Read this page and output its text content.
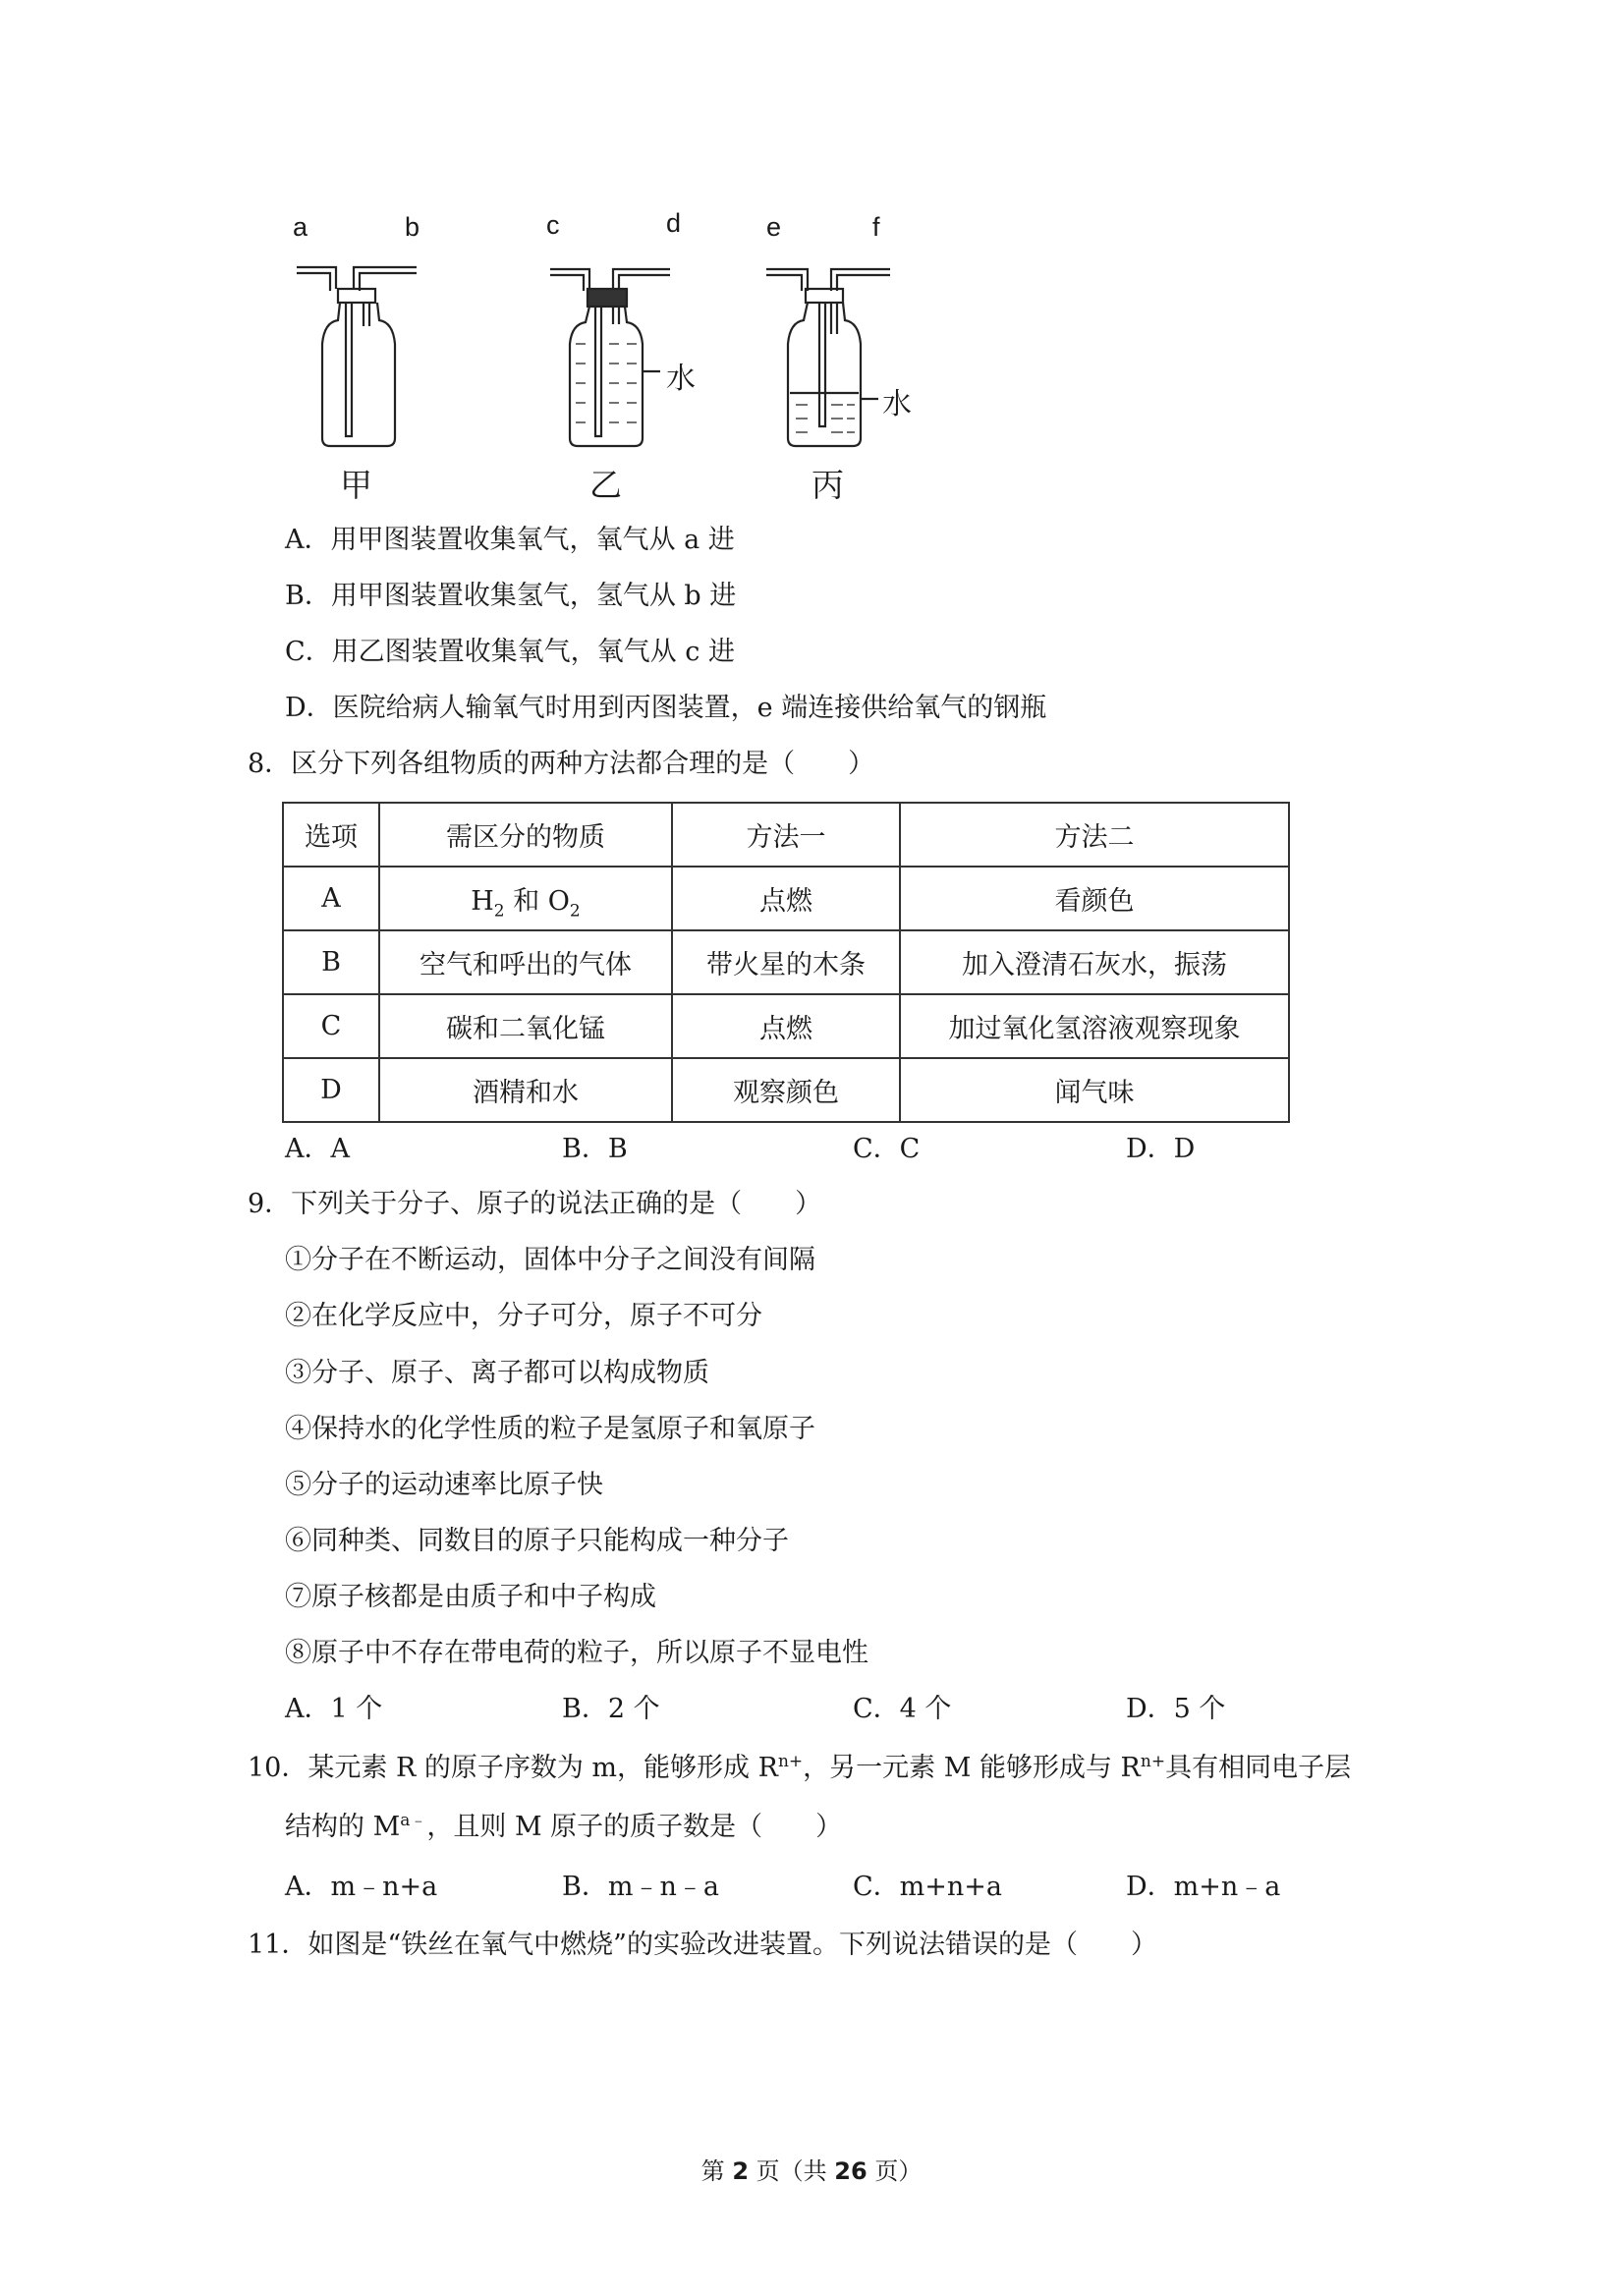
a	b	c	d	e	f
水
水
甲	乙	丙
A．用甲图装置收集氧气，氧气从 a 进
B．用甲图装置收集氢气，氢气从 b 进
C．用乙图装置收集氧气，氧气从 c 进
D．医院给病人输氧气时用到丙图装置，e 端连接供给氧气的钢瓶
8．区分下列各组物质的两种方法都合理的是（　　）
选项	需区分的物质	方法一	方法二
A	$H_2$ 和 $O_2$	点燃	看颜色
B	空气和呼出的气体	带火星的木条	加入澄清石灰水，振荡
C	碳和二氧化锰	点燃	加过氧化氢溶液观察现象
D	酒精和水	观察颜色	闻气味
A．A	B．B	C．C	D．D
9．下列关于分子、原子的说法正确的是（　　）
①分子在不断运动，固体中分子之间没有间隔
②在化学反应中，分子可分，原子不可分
③分子、原子、离子都可以构成物质
④保持水的化学性质的粒子是氢原子和氧原子
⑤分子的运动速率比原子快
⑥同种类、同数目的原子只能构成一种分子
⑦原子核都是由质子和中子构成
⑧原子中不存在带电荷的粒子，所以原子不显电性
A．1 个	B．2 个	C．4 个	D．5 个
10．某元素 R 的原子序数为 m，能够形成 $R^{n+}$，另一元素 M 能够形成与 $R^{n+}$具有相同电子层
结构的 $M^{a﹣}$，且则 M 原子的质子数是（　　）
A．m﹣n+a	B．m﹣n﹣a	C．m+n+a	D．m+n﹣a
11．如图是“铁丝在氧气中燃烧”的实验改进装置。下列说法错误的是（　　）
第 2 页（共 26 页）
